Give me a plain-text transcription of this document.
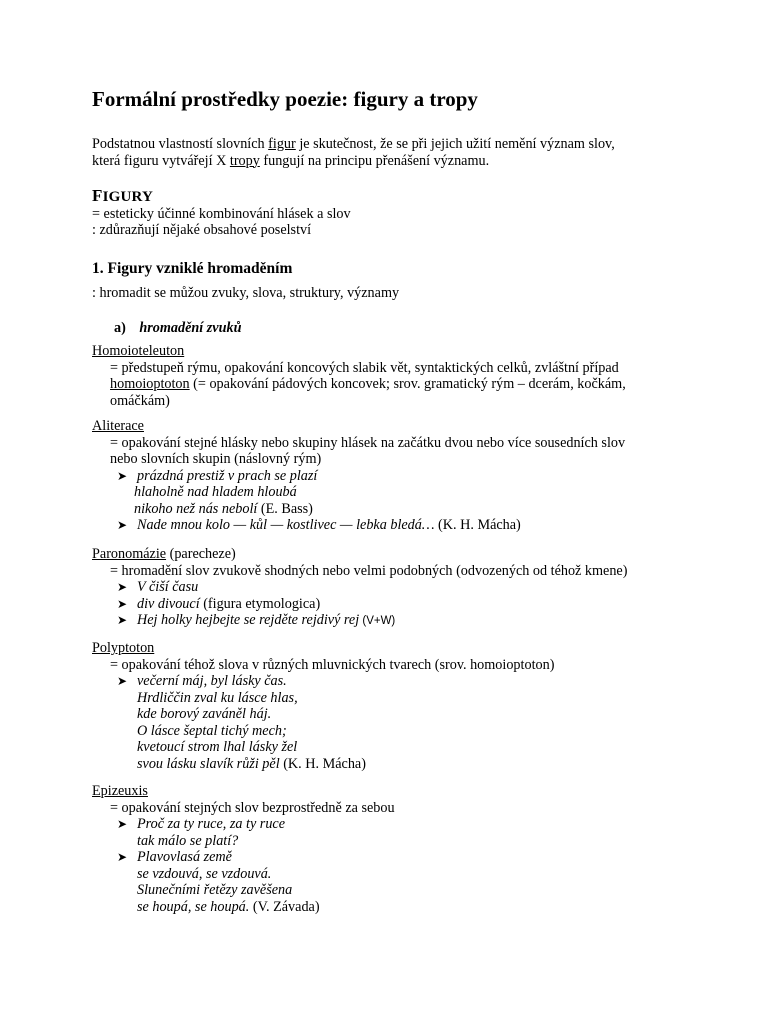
Formální prostředky poezie: figury a tropy
Podstatnou vlastností slovních figur je skutečnost, že se při jejich užití nemění význam slov,
která figuru vytvářejí X tropy fungují na principu přenášení významu.
FIGURY
= esteticky účinné kombinování hlásek a slov
: zdůrazňují nějaké obsahové poselství
1. Figury vzniklé hromaděním
: hromadit se můžou zvuky, slova, struktury, významy
a) hromadění zvuků
Homoioteleuton
= předstupeň rýmu, opakování koncových slabik vět, syntaktických celků, zvláštní případ
homoioptoton (= opakování pádových koncovek; srov. gramatický rým – dcerám, kočkám,
omáčkám)
Aliterace
= opakování stejné hlásky nebo skupiny hlásek na začátku dvou nebo více sousedních slov
nebo slovních skupin (náslovný rým)
➤ prázdná prestiž v prach se plazí
hlaholně nad hladem hloubá
nikoho než nás nebolí (E. Bass)
➤ Nade mnou kolo — kůl — kostlivec — lebka bledá… (K. H. Mácha)
Paronomázie (parecheze)
= hromadění slov zvukově shodných nebo velmi podobných (odvozených od téhož kmene)
➤ V čiší času
➤ div divoucí (figura etymologica)
➤ Hej holky hejbejte se rejděte rejdivý rej (V+W)
Polyptoton
= opakování téhož slova v různých mluvnických tvarech (srov. homoioptoton)
➤ večerní máj, byl lásky čas.
Hrdliččin zval ku lásce hlas,
kde borový zaváněl háj.
O lásce šeptal tichý mech;
kvetoucí strom lhal lásky žel
svou lásku slavík růži pěl (K. H. Mácha)
Epizeuxis
= opakování stejných slov bezprostředně za sebou
➤ Proč za ty ruce, za ty ruce
tak málo se platí?
➤ Plavovlasá země
se vzdouvá, se vzdouvá.
Slunečními řetězy zavěšena
se houpá, se houpá. (V. Závada)
